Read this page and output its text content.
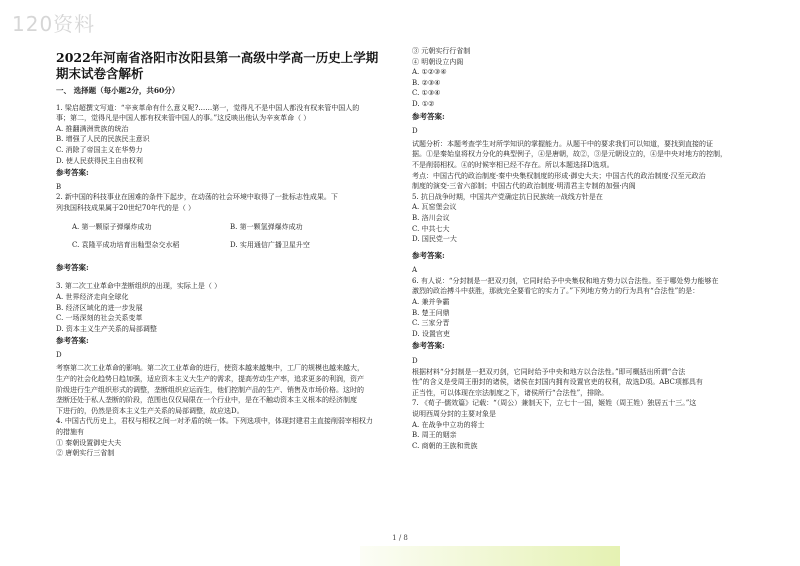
120资料
2022年河南省洛阳市汝阳县第一高级中学高一历史上学期期末试卷含解析

一、 选择题（每小题2分，共60分）

1. 梁启超撰文写道：“辛亥革命有什么意义呢?……第一，觉得凡不是中国人都没有权来管中国人的

事；第二，觉得凡是中国人都有权来管中国人的事。”这反映出他认为辛亥革命（ ）

A. 推翻满洲贵族的统治

B. 增强了人民的民族民主意识

C. 消除了帝国主义在华势力

D. 使人民获得民主自由权利

参考答案:

B

2. 新中国的科技事业在困难的条件下起步，在动荡的社会环境中取得了一批标志性成果。下

列我国科技成果属于20世纪70年代的是（ ）

A. 第一颗原子弹爆炸成功	B. 第一颗氢弹爆炸成功
C. 袁隆平成功培育出籼型杂交水稻	D. 实用通信广播卫星升空

参考答案:

3. 第二次工业革命中垄断组织的出现，实际上是（ ）

A. 世界经济走向全球化

B. 经济区域化的进一步发展

C. 一场深刻的社会关系变革

D. 资本主义生产关系的局部调整

参考答案:

D

考察第二次工业革命的影响。第二次工业革命的进行，使资本越来越集中，工厂的规模也越来越大，

生产的社会化趋势日趋加强，适应资本主义大生产的需求，提高劳动生产率，追求更多的利润，资产

阶级进行生产组织形式的调整，垄断组织应运而生，他们控制产品的生产、销售及市场价格。这时的

垄断还处于私人垄断的阶段，范围也仅仅局限在一个行业中，是在不触动资本主义根本的经济制度

下进行的，仍然是资本主义生产关系的局部调整，故应选D。

4. 中国古代历史上，君权与相权之间一对矛盾的统一体。下列选项中，体现封建君主直接削弱宰相权力

的措施有

① 秦朝设置御史大夫

② 唐朝实行三省制

③ 元朝实行行省制

④ 明朝设立内阁

A. ①②③④

B. ②③④

C. ①③④

D. ①②

参考答案:

D

试题分析：本题考查学生对所学知识的掌握能力。从题干中的要求我们可以知道，要找到直接的证

据。①是秦始皇将权力分化的典型例子，④是唐朝，故②，③是元朝设立的，④是中央对地方的控制，

不是削弱相权。④的时候宰相已经不存在。所以本题选择D选项。

考点：中国古代的政治制度·秦中央集权制度的形成·御史大夫；中国古代的政治制度·汉至元政治

制度的演变·三省六部制；中国古代的政治制度·明清君主专制的加强·内阁

5. 抗日战争时期，中国共产党确定抗日民族统一战线方针是在

A. 瓦窑堡会议

B. 洛川会议

C. 中共七大

D. 国民党一大

参考答案:

A

6. 有人说：“分封制是一把双刃剑，它同时给予中央集权和地方势力以合法性。至于哪处势力能够在

激烈的政治搏斗中获胜，那就完全要看它的实力了。”下列地方势力的行为具有“合法性”的是：

A. 兼并争霸

B. 楚王问鼎

C. 三家分晋

D. 设置官吏

参考答案:

D

根据材料“分封制是一把双刃剑，它同时给予中央和地方以合法性。”即可概括出所谓“合法

性”的含义是受周王册封的诸侯，诸侯在封国内拥有设置官吏的权利，故选D项。ABC项都具有

正当性，可以体现在宗法制度之下，诸侯所行“合法性”，排除。

7. 《荀子·儒效篇》记载：“（周公）兼制天下，立七十一国，姬姓（周王姓）独居五十三。”这

说明西周分封的主要对象是

A. 在战争中立功的将士

B. 周王的姻亲

C. 商朝的王族和贵族

1 / 8
